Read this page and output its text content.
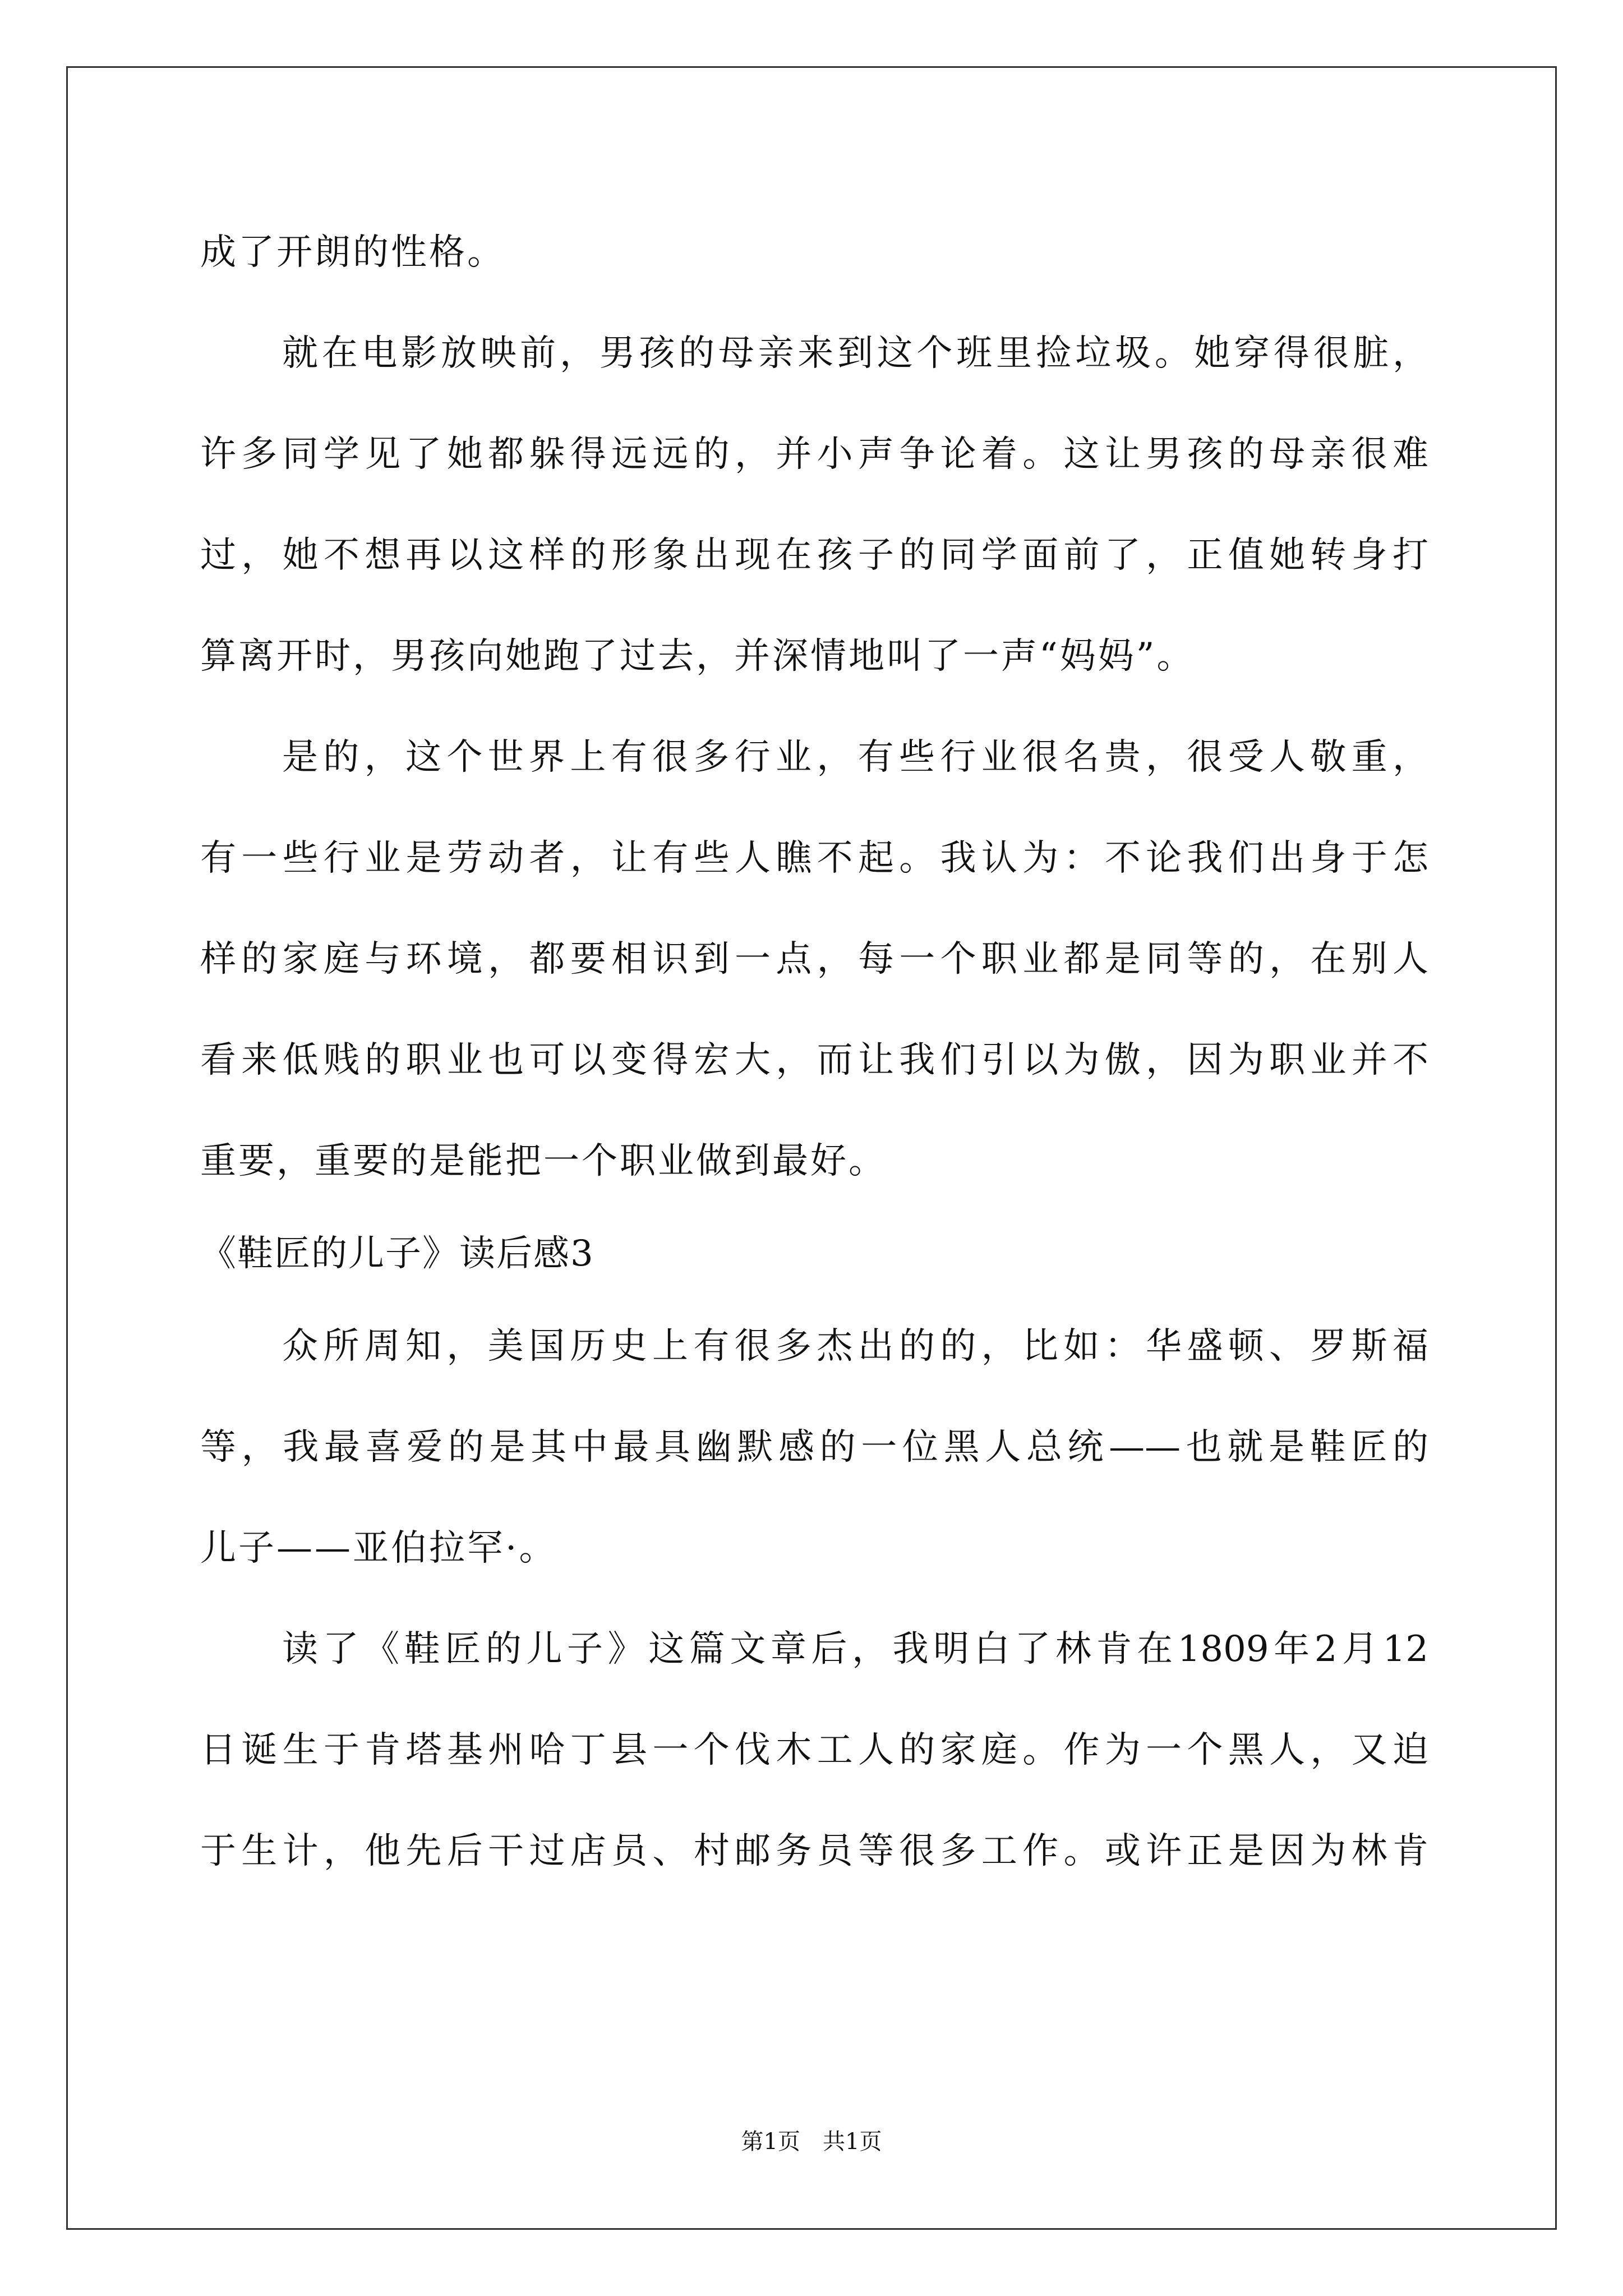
成了开朗的性格。
就在电影放映前，男孩的母亲来到这个班里捡垃圾。她穿得很脏，
许多同学见了她都躲得远远的，并小声争论着。这让男孩的母亲很难
过，她不想再以这样的形象出现在孩子的同学面前了，正值她转身打
算离开时，男孩向她跑了过去，并深情地叫了一声“妈妈”。
是的，这个世界上有很多行业，有些行业很名贵，很受人敬重，
有一些行业是劳动者，让有些人瞧不起。我认为：不论我们出身于怎
样的家庭与环境，都要相识到一点，每一个职业都是同等的，在别人
看来低贱的职业也可以变得宏大，而让我们引以为傲，因为职业并不
重要，重要的是能把一个职业做到最好。
《鞋匠的儿子》读后感3
众所周知，美国历史上有很多杰出的的，比如：华盛顿、罗斯福
等，我最喜爱的是其中最具幽默感的一位黑人总统——也就是鞋匠的
儿子——亚伯拉罕·。
读了《鞋匠的儿子》这篇文章后，我明白了林肯在1809年2月12
日诞生于肯塔基州哈丁县一个伐木工人的家庭。作为一个黑人，又迫
于生计，他先后干过店员、村邮务员等很多工作。或许正是因为林肯
第1页　共1页
